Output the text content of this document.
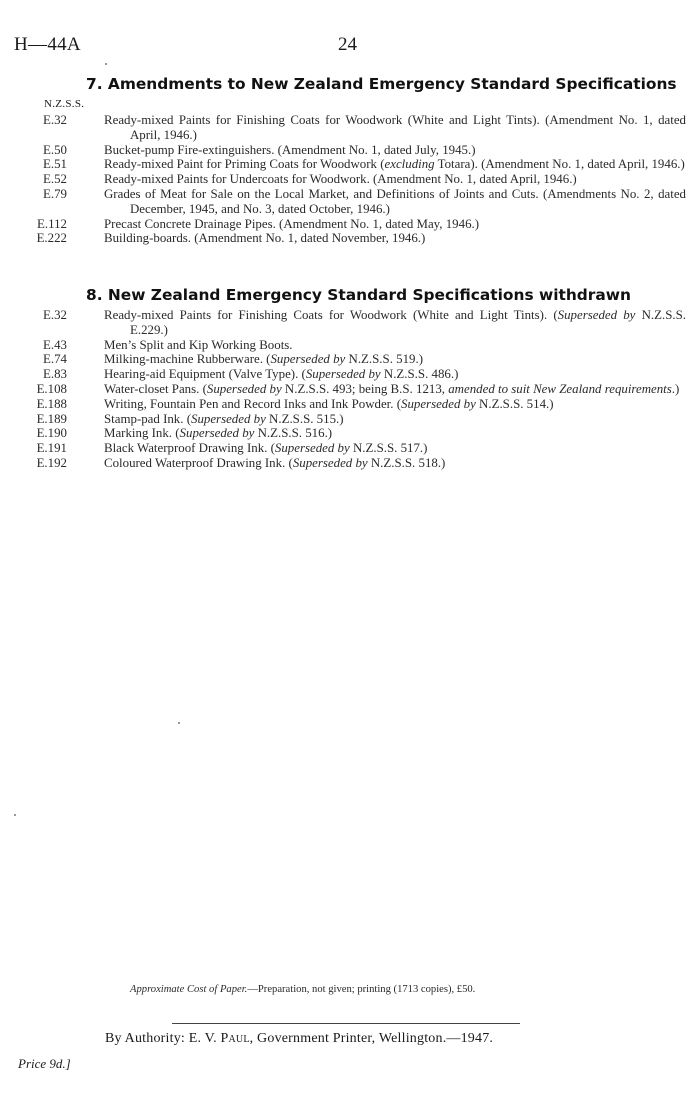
H—44A	24
7. Amendments to New Zealand Emergency Standard Specifications
N.Z.S.S.
E.32	Ready-mixed Paints for Finishing Coats for Woodwork (White and Light Tints). (Amendment No. 1, dated April, 1946.)
E.50	Bucket-pump Fire-extinguishers. (Amendment No. 1, dated July, 1945.)
E.51	Ready-mixed Paint for Priming Coats for Woodwork (excluding Totara). (Amendment No. 1, dated April, 1946.)
E.52	Ready-mixed Paints for Undercoats for Woodwork. (Amendment No. 1, dated April, 1946.)
E.79	Grades of Meat for Sale on the Local Market, and Definitions of Joints and Cuts. (Amendments No. 2, dated December, 1945, and No. 3, dated October, 1946.)
E.112	Precast Concrete Drainage Pipes. (Amendment No. 1, dated May, 1946.)
E.222	Building-boards. (Amendment No. 1, dated November, 1946.)
8. New Zealand Emergency Standard Specifications withdrawn
E.32	Ready-mixed Paints for Finishing Coats for Woodwork (White and Light Tints). (Superseded by N.Z.S.S. E.229.)
E.43	Men’s Split and Kip Working Boots.
E.74	Milking-machine Rubberware. (Superseded by N.Z.S.S. 519.)
E.83	Hearing-aid Equipment (Valve Type). (Superseded by N.Z.S.S. 486.)
E.108	Water-closet Pans. (Superseded by N.Z.S.S. 493; being B.S. 1213, amended to suit New Zealand requirements.)
E.188	Writing, Fountain Pen and Record Inks and Ink Powder. (Superseded by N.Z.S.S. 514.)
E.189	Stamp-pad Ink. (Superseded by N.Z.S.S. 515.)
E.190	Marking Ink. (Superseded by N.Z.S.S. 516.)
E.191	Black Waterproof Drawing Ink. (Superseded by N.Z.S.S. 517.)
E.192	Coloured Waterproof Drawing Ink. (Superseded by N.Z.S.S. 518.)
Approximate Cost of Paper.—Preparation, not given; printing (1713 copies), £50.
By Authority: E. V. Paul, Government Printer, Wellington.—1947.
Price 9d.]
